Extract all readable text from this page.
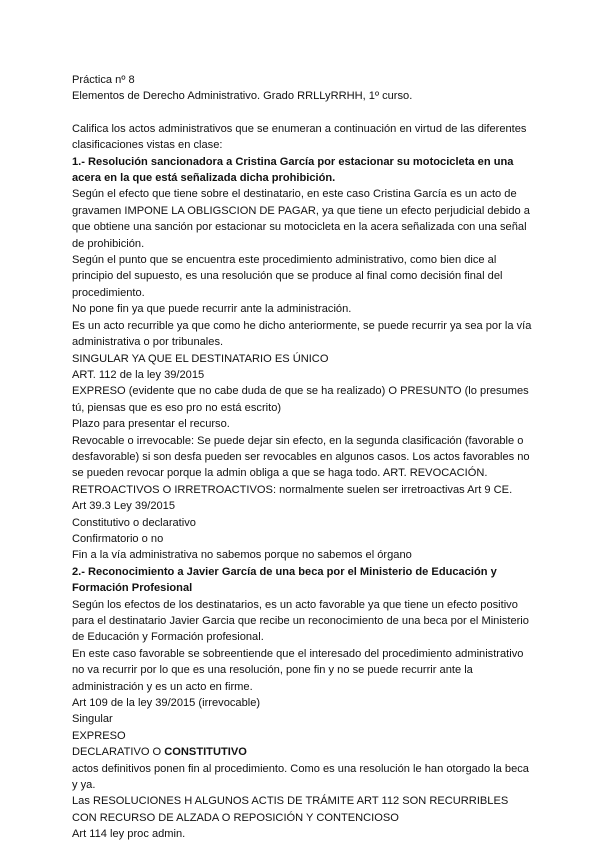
Práctica nº 8

Elementos de Derecho Administrativo. Grado RRLLyRRHH, 1º curso.

Califica los actos administrativos que se enumeran a continuación en virtud de las diferentes clasificaciones vistas en clase:

1.- Resolución sancionadora a Cristina García por estacionar su motocicleta en una acera en la que está señalizada dicha prohibición.

Según el efecto que tiene sobre el destinatario, en este caso Cristina García es un acto de gravamen IMPONE LA OBLIGSCION DE PAGAR, ya que tiene un efecto perjudicial debido a que obtiene una sanción por estacionar su motocicleta en la acera señalizada con una señal de prohibición.

Según el punto que se encuentra este procedimiento administrativo, como bien dice al principio del supuesto, es una resolución que se produce al final como decisión final del procedimiento.

No pone fin ya que puede recurrir ante la administración.

Es un acto recurrible ya que como he dicho anteriormente, se puede recurrir ya sea por la vía administrativa o por tribunales.

SINGULAR YA QUE EL DESTINATARIO ES ÚNICO

ART. 112 de la ley 39/2015

EXPRESO (evidente que no cabe duda de que se ha realizado) O PRESUNTO (lo presumes tú, piensas que es eso pro no está escrito)

Plazo para presentar el recurso.

Revocable o irrevocable: Se puede dejar sin efecto, en la segunda clasificación (favorable o desfavorable) si son desfa pueden ser revocables en algunos casos. Los actos favorables no se pueden revocar porque la admin obliga a que se haga todo. ART. REVOCACIÓN.

RETROACTIVOS O IRRETROACTIVOS: normalmente suelen ser irretroactivas Art 9 CE.

Art 39.3 Ley 39/2015

Constitutivo o declarativo

Confirmatorio o no

Fin a la vía administrativa no sabemos porque no sabemos el órgano

2.- Reconocimiento a Javier García de una beca por el Ministerio de Educación y Formación Profesional

Según los efectos de los destinatarios, es un acto favorable ya que tiene un efecto positivo para el destinatario Javier Garcia que recibe un reconocimiento de una beca por el Ministerio de Educación y Formación profesional.

En este caso favorable se sobreentiende que el interesado del procedimiento administrativo no va recurrir por lo que es una resolución, pone fin y no se puede recurrir ante la administración y es un acto en firme.

Art 109 de la ley 39/2015 (irrevocable)

Singular

EXPRESO

DECLARATIVO O CONSTITUTIVO

actos definitivos ponen fin al procedimiento. Como es una resolución le han otorgado la beca y ya.

Las RESOLUCIONES H ALGUNOS ACTIS DE TRÁMITE ART 112 SON RECURRIBLES CON RECURSO DE ALZADA O REPOSICIÓN Y CONTENCIOSO

Art 114 ley proc admin.
